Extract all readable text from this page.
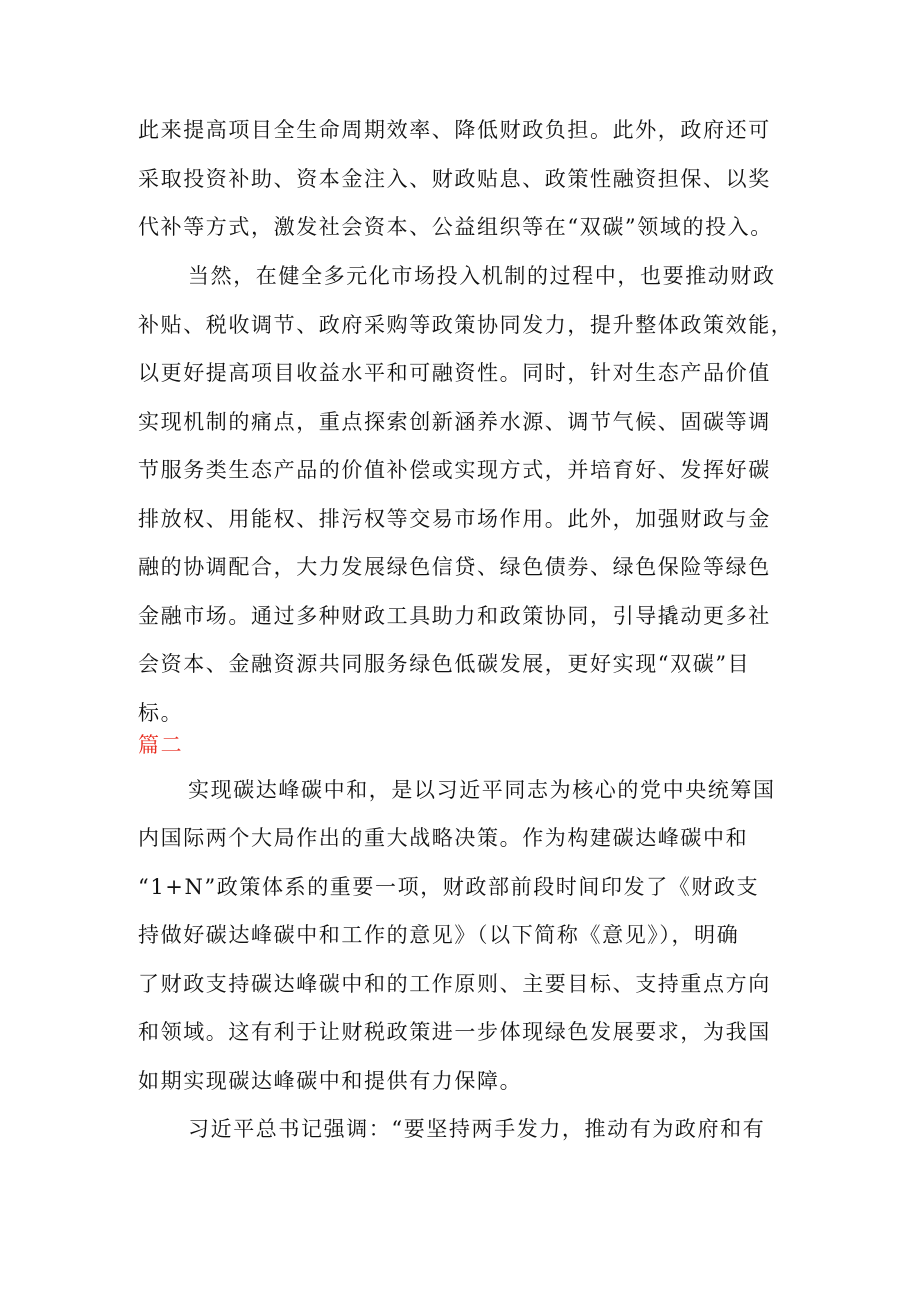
此来提高项目全生命周期效率、降低财政负担。此外，政府还可
采取投资补助、资本金注入、财政贴息、政策性融资担保、以奖
代补等方式，激发社会资本、公益组织等在“双碳”领域的投入。
当然，在健全多元化市场投入机制的过程中，也要推动财政
补贴、税收调节、政府采购等政策协同发力，提升整体政策效能，
以更好提高项目收益水平和可融资性。同时，针对生态产品价值
实现机制的痛点，重点探索创新涵养水源、调节气候、固碳等调
节服务类生态产品的价值补偿或实现方式，并培育好、发挥好碳
排放权、用能权、排污权等交易市场作用。此外，加强财政与金
融的协调配合，大力发展绿色信贷、绿色债券、绿色保险等绿色
金融市场。通过多种财政工具助力和政策协同，引导撬动更多社
会资本、金融资源共同服务绿色低碳发展，更好实现“双碳”目
标。
篇二
实现碳达峰碳中和，是以习近平同志为核心的党中央统筹国
内国际两个大局作出的重大战略决策。作为构建碳达峰碳中和
“1+N”政策体系的重要一项，财政部前段时间印发了《财政支
持做好碳达峰碳中和工作的意见》（以下简称《意见》），明确
了财政支持碳达峰碳中和的工作原则、主要目标、支持重点方向
和领域。这有利于让财税政策进一步体现绿色发展要求，为我国
如期实现碳达峰碳中和提供有力保障。
习近平总书记强调：“要坚持两手发力，推动有为政府和有
